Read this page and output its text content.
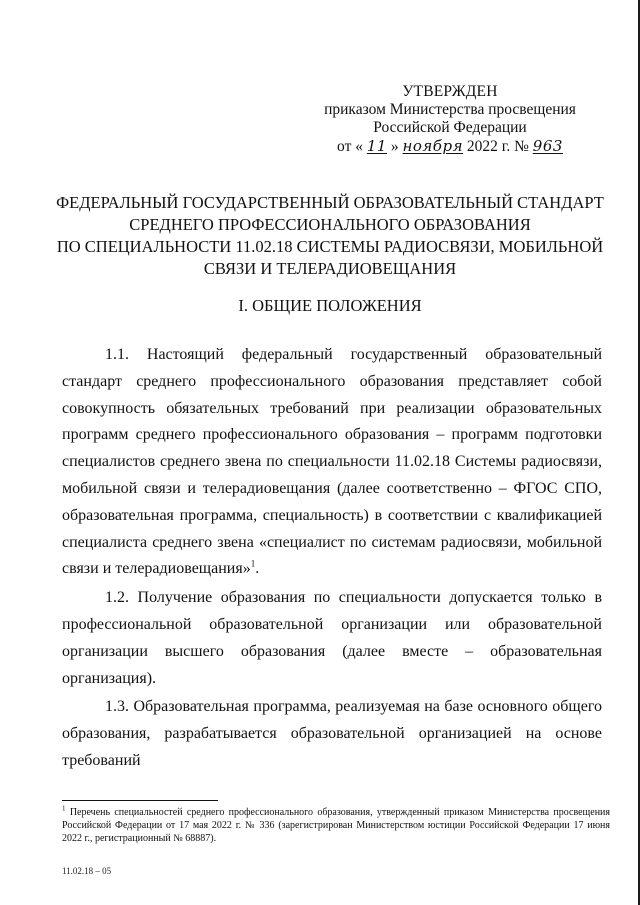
УТВЕРЖДЕН
приказом Министерства просвещения
Российской Федерации
от « 11 » ноября 2022 г. № 963
ФЕДЕРАЛЬНЫЙ ГОСУДАРСТВЕННЫЙ ОБРАЗОВАТЕЛЬНЫЙ СТАНДАРТ
СРЕДНЕГО ПРОФЕССИОНАЛЬНОГО ОБРАЗОВАНИЯ
ПО СПЕЦИАЛЬНОСТИ 11.02.18 СИСТЕМЫ РАДИОСВЯЗИ, МОБИЛЬНОЙ
СВЯЗИ И ТЕЛЕРАДИОВЕЩАНИЯ
I. ОБЩИЕ ПОЛОЖЕНИЯ

1.1. Настоящий федеральный государственный образовательный стандарт среднего профессионального образования представляет собой совокупность обязательных требований при реализации образовательных программ среднего профессионального образования – программ подготовки специалистов среднего звена по специальности 11.02.18 Системы радиосвязи, мобильной связи и телерадиовещания (далее соответственно – ФГОС СПО, образовательная программа, специальность) в соответствии с квалификацией специалиста среднего звена «специалист по системам радиосвязи, мобильной связи и телерадиовещания»$^1$.

1.2. Получение образования по специальности допускается только в профессиональной образовательной организации или образовательной организации высшего образования (далее вместе – образовательная организация).

1.3. Образовательная программа, реализуемая на базе основного общего образования, разрабатывается образовательной организацией на основе требований

$^1$ Перечень специальностей среднего профессионального образования, утвержденный приказом Министерства просвещения Российской Федерации от 17 мая 2022 г. № 336 (зарегистрирован Министерством юстиции Российской Федерации 17 июня 2022 г., регистрационный № 68887).
11.02.18 – 05
